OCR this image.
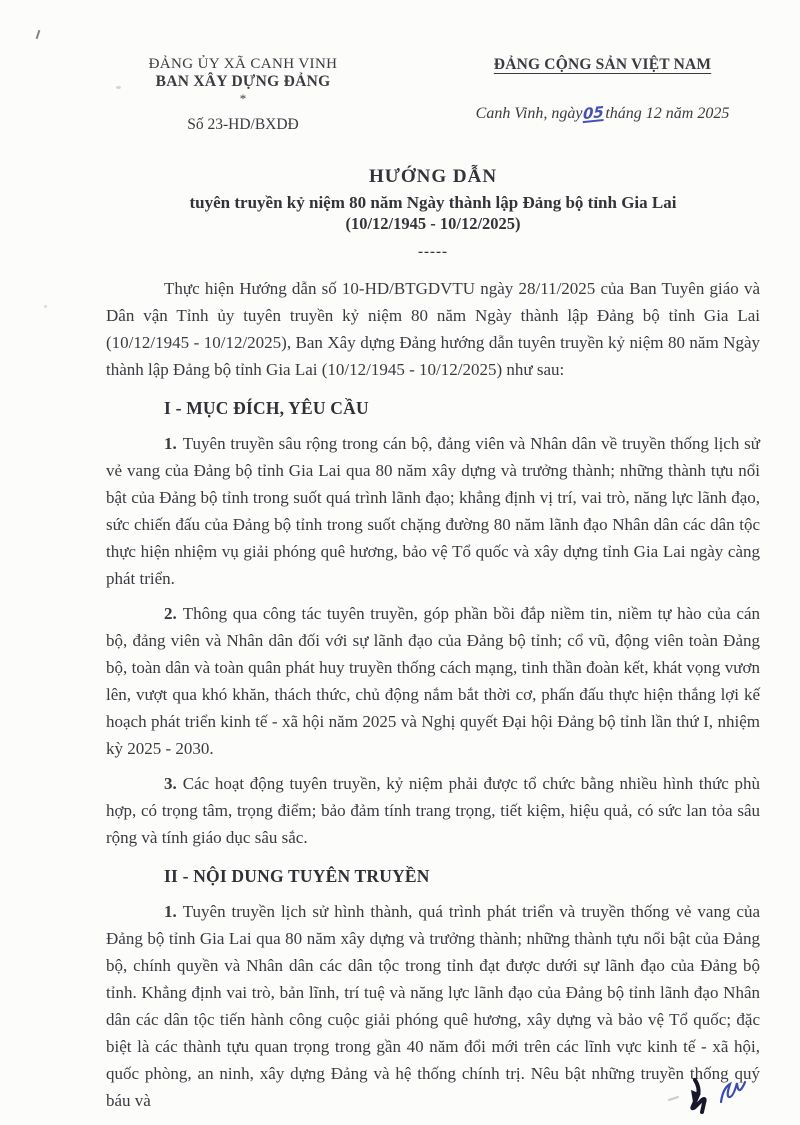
ĐẢNG ỦY XÃ CANH VINH
BAN XÂY DỰNG ĐẢNG
*
Số 23-HD/BXDĐ
ĐẢNG CỘNG SẢN VIỆT NAM
Canh Vinh, ngày05tháng 12 năm 2025
HƯỚNG DẪN
tuyên truyền kỷ niệm 80 năm Ngày thành lập Đảng bộ tỉnh Gia Lai
(10/12/1945 - 10/12/2025)
-----

Thực hiện Hướng dẫn số 10-HD/BTGDVTU ngày 28/11/2025 của Ban Tuyên giáo và Dân vận Tỉnh ủy tuyên truyền kỷ niệm 80 năm Ngày thành lập Đảng bộ tỉnh Gia Lai (10/12/1945 - 10/12/2025), Ban Xây dựng Đảng hướng dẫn tuyên truyền kỷ niệm 80 năm Ngày thành lập Đảng bộ tỉnh Gia Lai (10/12/1945 - 10/12/2025) như sau:

I - MỤC ĐÍCH, YÊU CẦU

1. Tuyên truyền sâu rộng trong cán bộ, đảng viên và Nhân dân về truyền thống lịch sử vẻ vang của Đảng bộ tỉnh Gia Lai qua 80 năm xây dựng và trưởng thành; những thành tựu nổi bật của Đảng bộ tỉnh trong suốt quá trình lãnh đạo; khẳng định vị trí, vai trò, năng lực lãnh đạo, sức chiến đấu của Đảng bộ tỉnh trong suốt chặng đường 80 năm lãnh đạo Nhân dân các dân tộc thực hiện nhiệm vụ giải phóng quê hương, bảo vệ Tổ quốc và xây dựng tỉnh Gia Lai ngày càng phát triển.

2. Thông qua công tác tuyên truyền, góp phần bồi đắp niềm tin, niềm tự hào của cán bộ, đảng viên và Nhân dân đối với sự lãnh đạo của Đảng bộ tỉnh; cổ vũ, động viên toàn Đảng bộ, toàn dân và toàn quân phát huy truyền thống cách mạng, tinh thần đoàn kết, khát vọng vươn lên, vượt qua khó khăn, thách thức, chủ động nắm bắt thời cơ, phấn đấu thực hiện thắng lợi kế hoạch phát triển kinh tế - xã hội năm 2025 và Nghị quyết Đại hội Đảng bộ tỉnh lần thứ I, nhiệm kỳ 2025 - 2030.

3. Các hoạt động tuyên truyền, kỷ niệm phải được tổ chức bằng nhiều hình thức phù hợp, có trọng tâm, trọng điểm; bảo đảm tính trang trọng, tiết kiệm, hiệu quả, có sức lan tỏa sâu rộng và tính giáo dục sâu sắc.

II - NỘI DUNG TUYÊN TRUYỀN

1. Tuyên truyền lịch sử hình thành, quá trình phát triển và truyền thống vẻ vang của Đảng bộ tỉnh Gia Lai qua 80 năm xây dựng và trưởng thành; những thành tựu nổi bật của Đảng bộ, chính quyền và Nhân dân các dân tộc trong tỉnh đạt được dưới sự lãnh đạo của Đảng bộ tỉnh. Khẳng định vai trò, bản lĩnh, trí tuệ và năng lực lãnh đạo của Đảng bộ tỉnh lãnh đạo Nhân dân các dân tộc tiến hành công cuộc giải phóng quê hương, xây dựng và bảo vệ Tổ quốc; đặc biệt là các thành tựu quan trọng trong gần 40 năm đổi mới trên các lĩnh vực kinh tế - xã hội, quốc phòng, an ninh, xây dựng Đảng và hệ thống chính trị. Nêu bật những truyền thống quý báu và
